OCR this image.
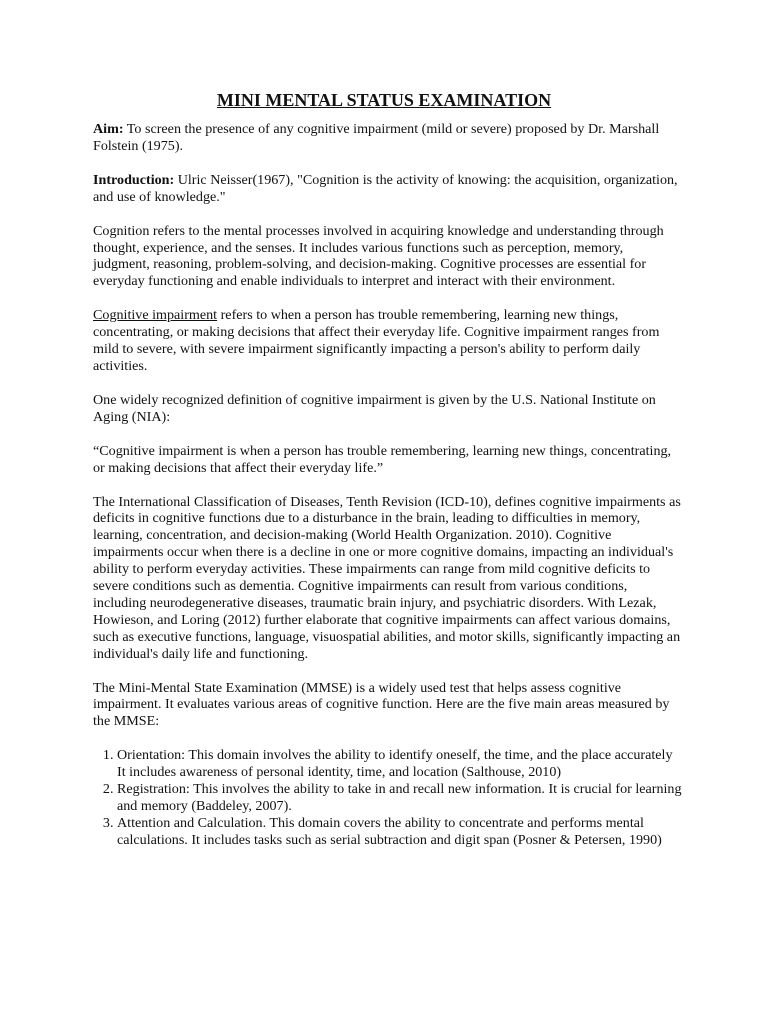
MINI MENTAL STATUS EXAMINATION

Aim: To screen the presence of any cognitive impairment (mild or severe) proposed by Dr. Marshall Folstein (1975).

Introduction: Ulric Neisser(1967), "Cognition is the activity of knowing: the acquisition, organization, and use of knowledge."

Cognition refers to the mental processes involved in acquiring knowledge and understanding through thought, experience, and the senses. It includes various functions such as perception, memory, judgment, reasoning, problem-solving, and decision-making. Cognitive processes are essential for everyday functioning and enable individuals to interpret and interact with their environment.

Cognitive impairment refers to when a person has trouble remembering, learning new things, concentrating, or making decisions that affect their everyday life. Cognitive impairment ranges from mild to severe, with severe impairment significantly impacting a person's ability to perform daily activities.

One widely recognized definition of cognitive impairment is given by the U.S. National Institute on Aging (NIA):

“Cognitive impairment is when a person has trouble remembering, learning new things, concentrating, or making decisions that affect their everyday life.”

The International Classification of Diseases, Tenth Revision (ICD-10), defines cognitive impairments as deficits in cognitive functions due to a disturbance in the brain, leading to difficulties in memory, learning, concentration, and decision-making (World Health Organization. 2010). Cognitive impairments occur when there is a decline in one or more cognitive domains, impacting an individual's ability to perform everyday activities. These impairments can range from mild cognitive deficits to severe conditions such as dementia. Cognitive impairments can result from various conditions, including neurodegenerative diseases, traumatic brain injury, and psychiatric disorders. With Lezak, Howieson, and Loring (2012) further elaborate that cognitive impairments can affect various domains, such as executive functions, language, visuospatial abilities, and motor skills, significantly impacting an individual's daily life and functioning.

The Mini-Mental State Examination (MMSE) is a widely used test that helps assess cognitive impairment. It evaluates various areas of cognitive function. Here are the five main areas measured by the MMSE:

1. Orientation: This domain involves the ability to identify oneself, the time, and the place accurately It includes awareness of personal identity, time, and location (Salthouse, 2010)
2. Registration: This involves the ability to take in and recall new information. It is crucial for learning and memory (Baddeley, 2007).
3. Attention and Calculation. This domain covers the ability to concentrate and performs mental calculations. It includes tasks such as serial subtraction and digit span (Posner & Petersen, 1990)
